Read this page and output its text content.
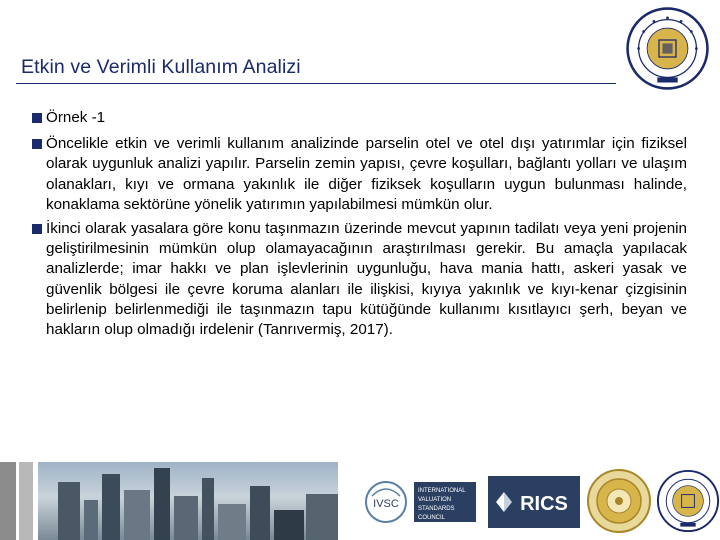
Etkin ve Verimli Kullanım Analizi
Örnek -1
Öncelikle etkin ve verimli kullanım analizinde parselin otel ve otel dışı yatırımlar için fiziksel olarak uygunluk analizi yapılır. Parselin zemin yapısı, çevre koşulları, bağlantı yolları ve ulaşım olanakları, kıyı ve ormana yakınlık ile diğer fiziksek koşulların uygun bulunması halinde, konaklama sektörüne yönelik yatırımın yapılabilmesi mümkün olur.
İkinci olarak yasalara göre konu taşınmazın üzerinde mevcut yapının tadilatı veya yeni projenin geliştirilmesinin mümkün olup olamayacağının araştırılması gerekir. Bu amaçla yapılacak analizlerde; imar hakkı ve plan işlevlerinin uygunluğu, hava mania hattı, askeri yasak ve güvenlik bölgesi ile çevre koruma alanları ile ilişkisi, kıyıya yakınlık ve kıyı-kenar çizgisinin belirlenip belirlenmediği ile taşınmazın tapu kütüğünde kullanımı kısıtlayıcı şerh, beyan ve hakların olup olmadığı irdelenir (Tanrıvermiş, 2017).
IVSC
INTERNATIONAL
VALUATION
STANDARDS
COUNCIL
RICS
